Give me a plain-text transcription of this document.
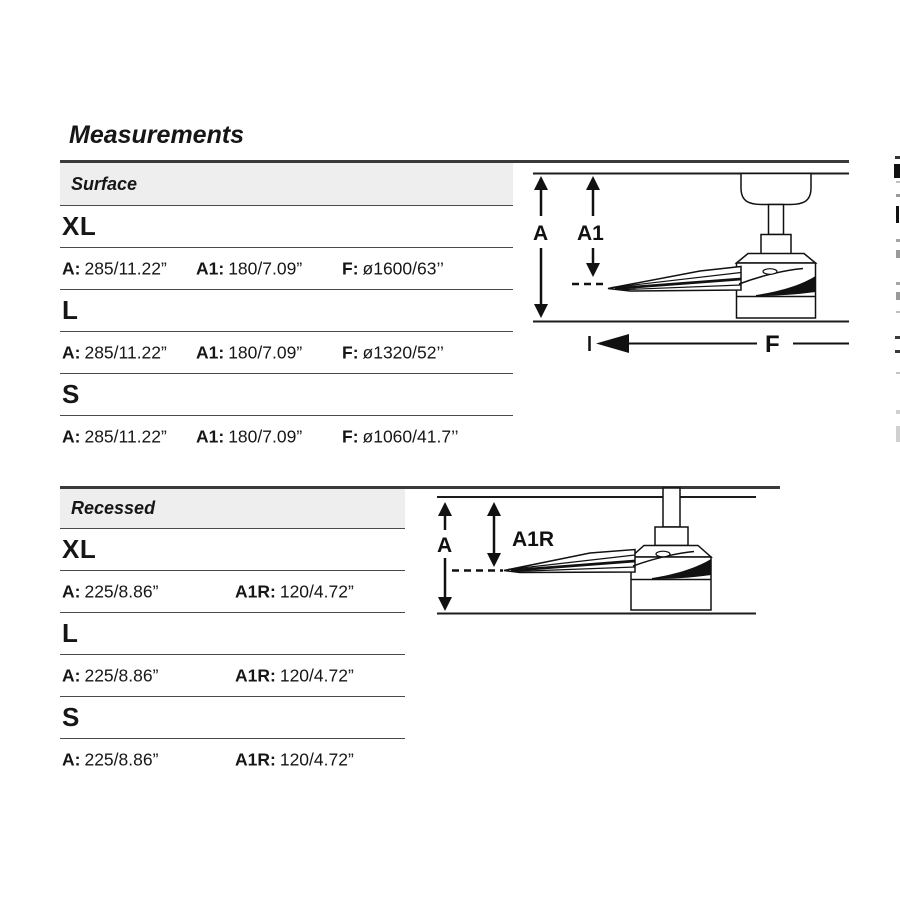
Measurements
Surface
XL
A: 285/11.22” A1: 180/7.09” F: ø1600/63’’
L
A: 285/11.22” A1: 180/7.09” F: ø1320/52’’
S
A: 285/11.22” A1: 180/7.09” F: ø1060/41.7’’
A A1
F
Recessed
XL
A: 225/8.86”	A1R: 120/4.72”
L
A: 225/8.86”	A1R: 120/4.72”
S
A: 225/8.86”	A1R: 120/4.72”
A	A1R
